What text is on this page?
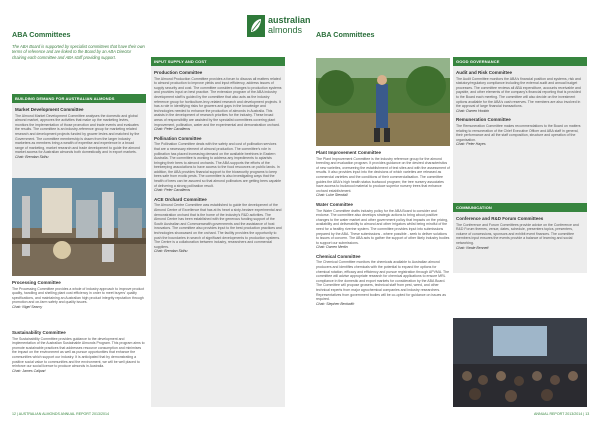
ABA Committees
The ABA Board is supported by specialist committees that have their own terms of reference and are linked to the Board by an ABA Director chairing each committee and ABA staff providing support.
BUILDING DEMAND FOR AUSTRALIAN ALMONDS
Market Development Committee
The Almond Market Development Committee analyses the domestic and global almond market, approves the activities that make up the marketing levies, monitors the implementation of those promotion and trade events and evaluates the results. The committee is an industry-reference group for marketing related research and development projects funded by grower levies and matched by the Government. The committee membership is drawn from the larger industry marketers as members bring a wealth of expertise and experience in a broad range of marketing, market research and trade development to guide the almond market access for Australian almonds both domestically and in export markets.
Chair: Brendan Sidhu
Processing Committee
The Processing Committee provides a whole of industry approach to improve product quality, handling and shelling plant cost efficiency in order to meet buyers' quality specifications, and maintaining an Australian high product integrity reputation through promotion and on-farm safety and quality issues.
Chair: Nigel Searcy
Sustainability Committee
The Sustainability Committee provides guidance to the development and implementation of the Australian Sustainable Almonds Program. This program aims to promote sustainable practices that addresses resource consumption and minimises the impact on the environment as well as pursue opportunities that enhance the communities which support our industry. It is anticipated that by demonstrating a positive social value to communities and the environment, we will be well placed to reinforce our social licence to produce almonds in Australia.
Chair: James Calipari
12 | AUSTRALIAN ALMONDS ANNUAL REPORT 2013/2014
INPUT SUPPLY AND COST
Production Committee
The Almond Production Committee provides a forum to discuss all matters related to almond production to improve yields and input efficiency, address issues of supply security and cost. The committee considers changes to production systems and provides input on best practice. The extension program of the ABA industry development staff is guided by the committee that also acts as the industry reference group for horticulture-levy-related research and development projects. It has a role in identifying risks for growers and gaps in the knowledge and technologies needed to enhance the production of almonds in Australia. This assists in the development of research priorities for the industry. These broad areas of responsibility are assisted by the specialist committees covering plant improvement, pollination, water and the experimental and demonstration orchard.
Chair: Peter Cavalleros
Pollination Committee
The Pollination Committee deals with the safety and cost of pollination services that are a necessary element of almond production. The committee's role in pollination has placed increasing demand on the available beehives in Eastern Australia. The committee is working to address any impediments to apiarists bringing their bees to almond orchards. The ABA supports the efforts of the beekeeping associations to have access to the food resources on public lands. In addition, the ABA provides financial support to the biosecurity programs to keep bees safe from exotic pests. The committee is also investigating ways that the health of bees can be assured so that almond pollinators are getting bees capable of delivering a strong pollination result.
Chair: Peter Cavalleros
ACE Orchard Committee
The Almond Centre Committee was established to guide the development of the Almond Centre of Excellence that has at its heart a sixty-hectare experimental and demonstration orchard that is the home of the industry's R&D activities. The Almond Centre has been established with the generous funding support of the South Australian and Commonwealth governments and the assistance of host innovators. The committee also provides input to the best production practices and technologies showcased on the orchard. The facility provides the opportunity to push the boundaries in search of significant developments to production systems. The Centre is a collaboration between industry, researchers and commercial suppliers.
Chair: Brendan Sidhu
australian
almonds ABA Committees
Plant Improvement Committee
The Plant Improvement Committee is the industry reference group for the almond breeding and evaluation program. It provides guidance on the desired characteristics of new varieties, overseeing the establishment of test sites and with the assessment of results. It also provides input into the decisions of which varieties are released as commercial varieties and the conditions of their commercialisation. The committee guides the ABA's high health status budwood program; the tree nursery associates have access to budwood material to produce superior nursery trees that enhance orchard establishment.
Chair: Luke Stendall
Water Committee
The Water Committee drafts industry policy for the ABA Board to consider and endorse. The committee also develops strategic actions to bring about positive changes to the water market and other government policy that impacts on the pricing, availability and deliverability to almond and other irrigators whilst being mindful of the need for a healthy riverine system. The committee provides input into submissions prepared by the ABA. These submissions - where possible - seek to deliver solutions to issues of concern. The ABA acts to gather the support of other likely industry bodies to support our submissions.
Chair: Darren Mertin
Chemical Committee
The Chemical Committee monitors the chemicals available to Australian almond producers and identifies chemicals with the potential to expand the options for chemical rotation, efficacy and efficiency and pursue registration through APVMA. The committee will advise appropriate research for chemical applications to ensure MRL compliance in the domestic and export markets for consideration by the ABA Board. The Committee will propose growers, technical staff from pest, weed, and other technical experts from major agrochemical companies and industry researchers. Representatives from government bodies will be co-opted for guidance on issues as required.
Chair: Stephen Beckwith
GOOD GOVERNANCE
Audit and Risk Committee
The Audit Committee monitors the ABA's financial position and systems, risk and statutory/regulatory compliance including the external audit and annual budget processes. The committee reviews all ABA expenditure, accounts receivable and payable, and other elements of the company's financial reporting that is provided to the Board each meeting. The committee will also decide on the investment options available for the ABA's cash reserves. The members are also involved in the approval of large financial transactions.
Chair: Darren Hoobin
Remuneration Committee
The Remuneration Committee makes recommendations to the Board on matters relating to remuneration of the Chief Executive Officer and ABA staff in general, their performance and all the staff composition, structure and operation of the organisation.
Chair: Peter Hayes
COMMUNICATION
Conference and R&D Forum Committees
The Conference and Forum Committees provide advice on the Conference and R&D Forum themes, venue, dates, schedule, presenters topics, presenters, volume of concessions, sponsors and exhibit event finances. The committee members input ensures the events provide a balance of learning and social networking.
Chair: Neale Bennett
ANNUAL REPORT 2013/2014 | 13
